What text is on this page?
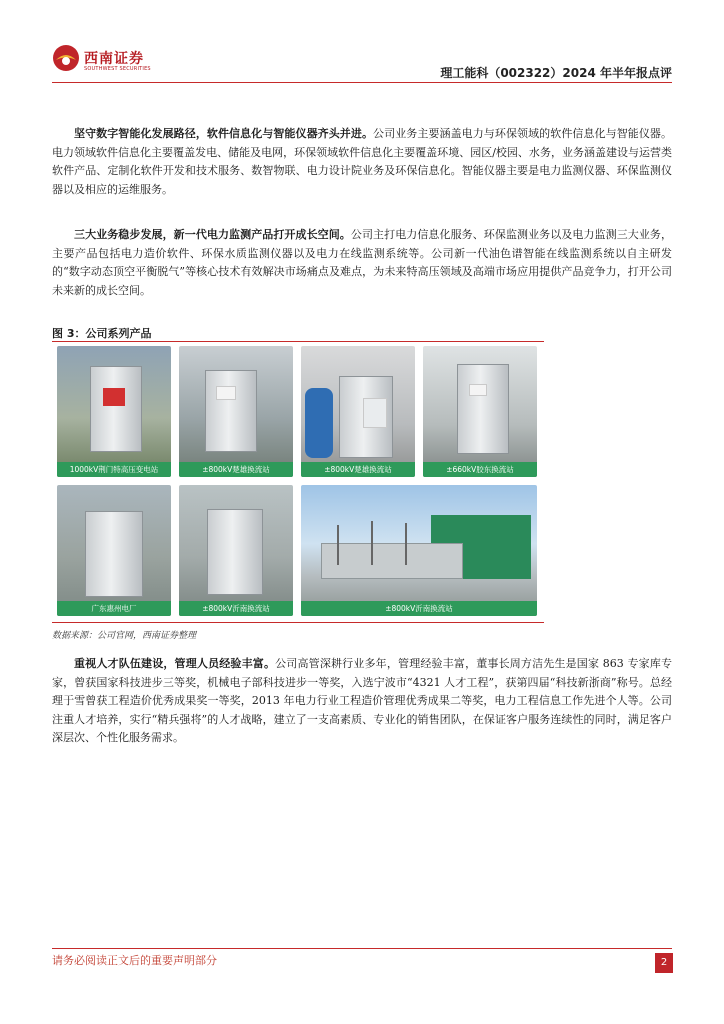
西南证券
SOUTHWEST SECURITIES	理工能科（002322）2024 年半年报点评
坚守数字智能化发展路径，软件信息化与智能仪器齐头并进。公司业务主要涵盖电力与环保领域的软件信息化与智能仪器。电力领域软件信息化主要覆盖发电、储能及电网，环保领域软件信息化主要覆盖环境、园区/校园、水务，业务涵盖建设与运营类软件产品、定制化软件开发和技术服务、数智物联、电力设计院业务及环保信息化。智能仪器主要是电力监测仪器、环保监测仪器以及相应的运维服务。
三大业务稳步发展，新一代电力监测产品打开成长空间。公司主打电力信息化服务、环保监测业务以及电力监测三大业务，主要产品包括电力造价软件、环保水质监测仪器以及电力在线监测系统等。公司新一代油色谱智能在线监测系统以自主研发的“数字动态顶空平衡脱气”等核心技术有效解决市场痛点及难点，为未来特高压领域及高端市场应用提供产品竞争力，打开公司未来新的成长空间。
图 3：公司系列产品
1000kV荆门特高压变电站	±800kV楚雄换流站	±800kV楚雄换流站	±660kV胶东换流站
广东惠州电厂	±800kV沂南换流站	±800kV沂南换流站
数据来源：公司官网，西南证券整理
重视人才队伍建设，管理人员经验丰富。公司高管深耕行业多年，管理经验丰富，董事长周方洁先生是国家 863 专家库专家，曾获国家科技进步三等奖，机械电子部科技进步一等奖，入选宁波市“4321 人才工程”，获第四届“科技新浙商”称号。总经理于雪曾获工程造价优秀成果奖一等奖，2013 年电力行业工程造价管理优秀成果二等奖，电力工程信息工作先进个人等。公司注重人才培养，实行“精兵强将”的人才战略，建立了一支高素质、专业化的销售团队，在保证客户服务连续性的同时，满足客户深层次、个性化服务需求。
请务必阅读正文后的重要声明部分	2
